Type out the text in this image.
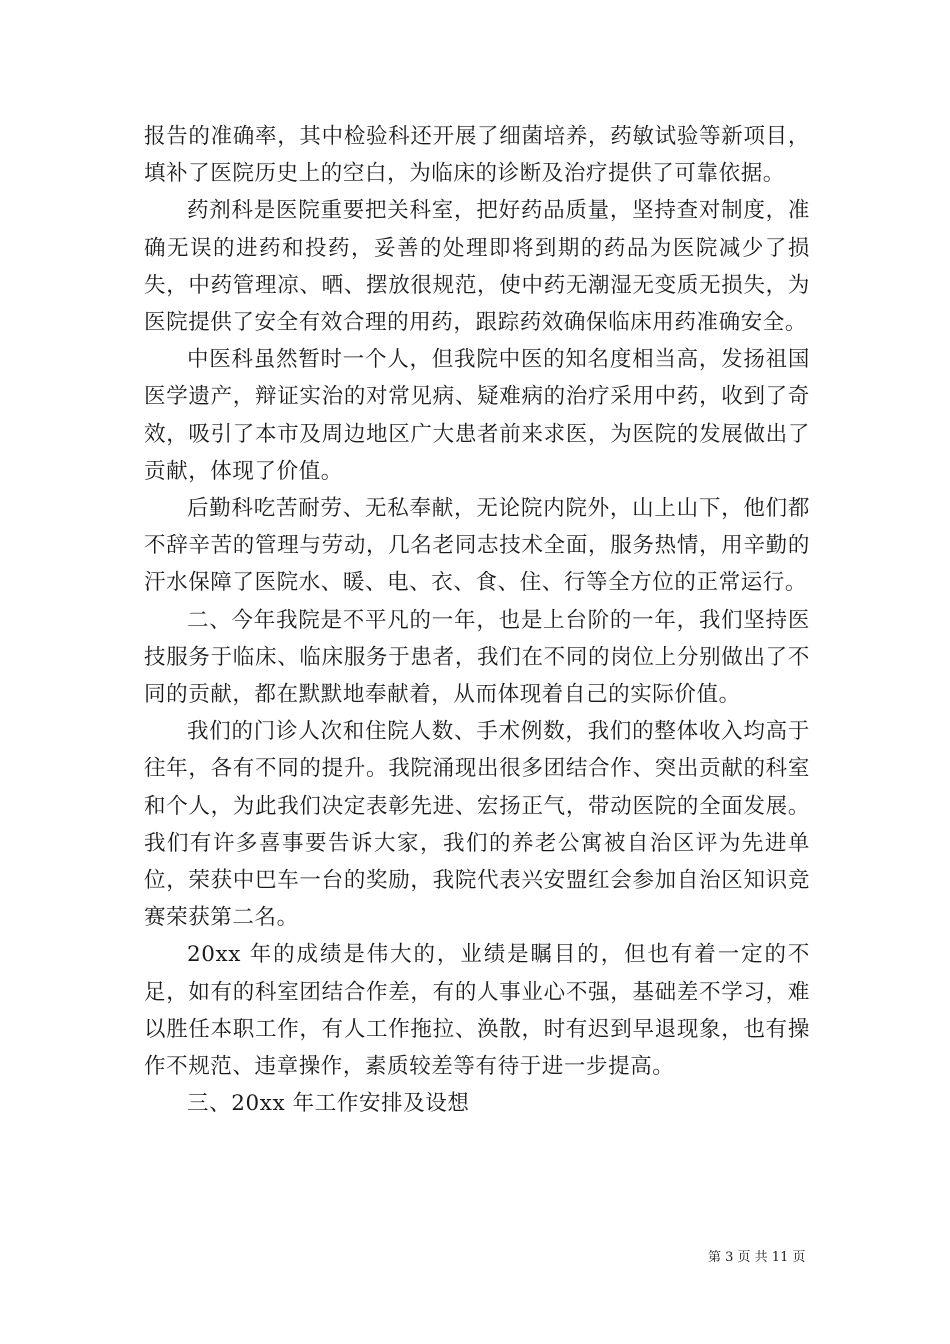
报告的准确率，其中检验科还开展了细菌培养，药敏试验等新项目，填补了医院历史上的空白，为临床的诊断及治疗提供了可靠依据。

药剂科是医院重要把关科室，把好药品质量，坚持查对制度，准确无误的进药和投药，妥善的处理即将到期的药品为医院减少了损失，中药管理凉、晒、摆放很规范，使中药无潮湿无变质无损失，为医院提供了安全有效合理的用药，跟踪药效确保临床用药准确安全。

中医科虽然暂时一个人，但我院中医的知名度相当高，发扬祖国医学遗产，辩证实治的对常见病、疑难病的治疗采用中药，收到了奇效，吸引了本市及周边地区广大患者前来求医，为医院的发展做出了贡献，体现了价值。

后勤科吃苦耐劳、无私奉献，无论院内院外，山上山下，他们都不辞辛苦的管理与劳动，几名老同志技术全面，服务热情，用辛勤的汗水保障了医院水、暖、电、衣、食、住、行等全方位的正常运行。

二、今年我院是不平凡的一年，也是上台阶的一年，我们坚持医技服务于临床、临床服务于患者，我们在不同的岗位上分别做出了不同的贡献，都在默默地奉献着，从而体现着自己的实际价值。

我们的门诊人次和住院人数、手术例数，我们的整体收入均高于往年，各有不同的提升。我院涌现出很多团结合作、突出贡献的科室和个人，为此我们决定表彰先进、宏扬正气，带动医院的全面发展。我们有许多喜事要告诉大家，我们的养老公寓被自治区评为先进单位，荣获中巴车一台的奖励，我院代表兴安盟红会参加自治区知识竞赛荣获第二名。

20xx 年的成绩是伟大的，业绩是瞩目的，但也有着一定的不足，如有的科室团结合作差，有的人事业心不强，基础差不学习，难以胜任本职工作，有人工作拖拉、涣散，时有迟到早退现象，也有操作不规范、违章操作，素质较差等有待于进一步提高。

三、20xx 年工作安排及设想

第 3 页 共 11 页
